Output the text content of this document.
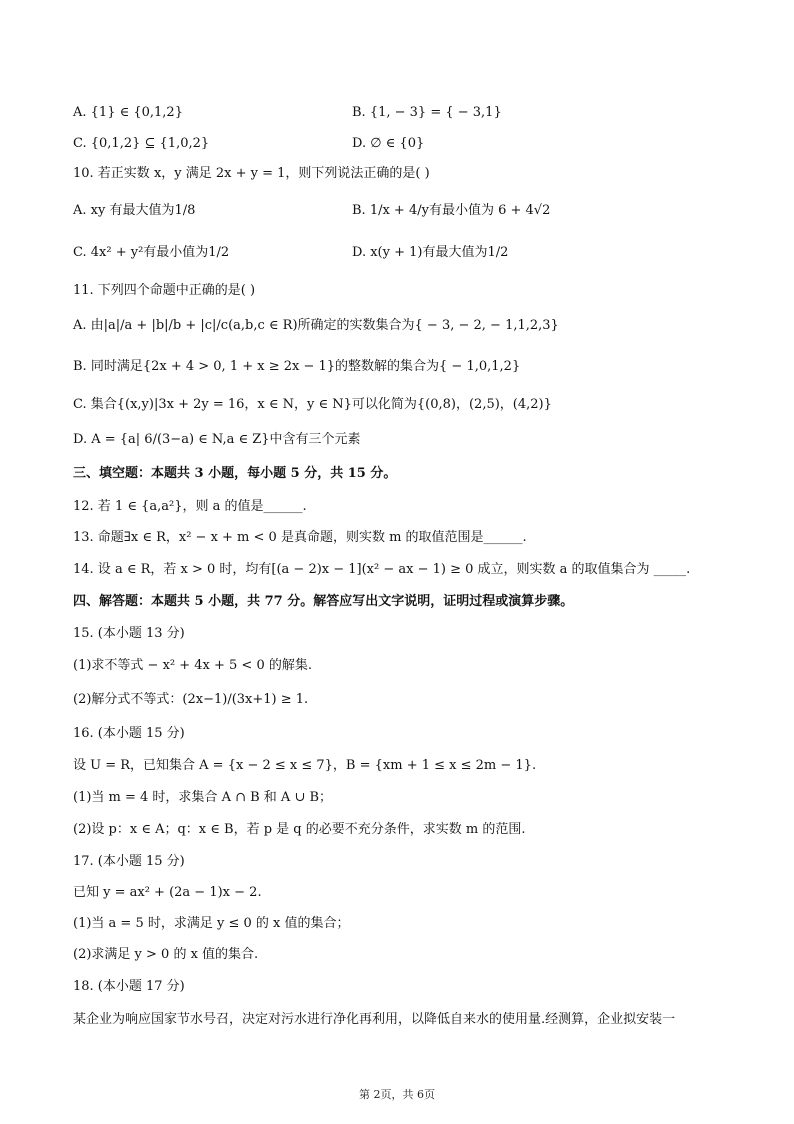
A. {1} ∈ {0,1,2}	B. {1, − 3} = { − 3,1}
C. {0,1,2} ⊆ {1,0,2}	D. ∅ ∈ {0}
10. 若正实数 x，y 满足 2x + y = 1，则下列说法正确的是( )
A. xy 有最大值为1/8	B. 1/x + 4/y有最小值为 6 + 4√2
C. 4x² + y²有最小值为1/2	D. x(y + 1)有最大值为1/2
11. 下列四个命题中正确的是( )
A. 由|a|/a + |b|/b + |c|/c(a,b,c ∈ R)所确定的实数集合为{ − 3, − 2, − 1,1,2,3}
B. 同时满足{2x + 4 > 0, 1 + x ≥ 2x − 1}的整数解的集合为{ − 1,0,1,2}
C. 集合{(x,y)|3x + 2y = 16，x ∈ N，y ∈ N}可以化简为{(0,8)，(2,5)，(4,2)}
D. A = {a| 6/(3−a) ∈ N,a ∈ Z}中含有三个元素
三、填空题：本题共 3 小题，每小题 5 分，共 15 分。
12. 若 1 ∈ {a,a²}，则 a 的值是______.
13. 命题∃x ∈ R，x² − x + m < 0 是真命题，则实数 m 的取值范围是______.
14. 设 a ∈ R，若 x > 0 时，均有[(a − 2)x − 1](x² − ax − 1) ≥ 0 成立，则实数 a 的取值集合为 _____.
四、解答题：本题共 5 小题，共 77 分。解答应写出文字说明，证明过程或演算步骤。
15. (本小题 13 分)
(1)求不等式 − x² + 4x + 5 < 0 的解集.
(2)解分式不等式：(2x−1)/(3x+1) ≥ 1.
16. (本小题 15 分)
设 U = R，已知集合 A = {x − 2 ≤ x ≤ 7}，B = {xm + 1 ≤ x ≤ 2m − 1}.
(1)当 m = 4 时，求集合 A ∩ B 和 A ∪ B；
(2)设 p：x ∈ A；q：x ∈ B，若 p 是 q 的必要不充分条件，求实数 m 的范围.
17. (本小题 15 分)
已知 y = ax² + (2a − 1)x − 2.
(1)当 a = 5 时，求满足 y ≤ 0 的 x 值的集合；
(2)求满足 y > 0 的 x 值的集合.
18. (本小题 17 分)
某企业为响应国家节水号召，决定对污水进行净化再利用，以降低自来水的使用量.经测算，企业拟安装一
第 2页，共 6页
